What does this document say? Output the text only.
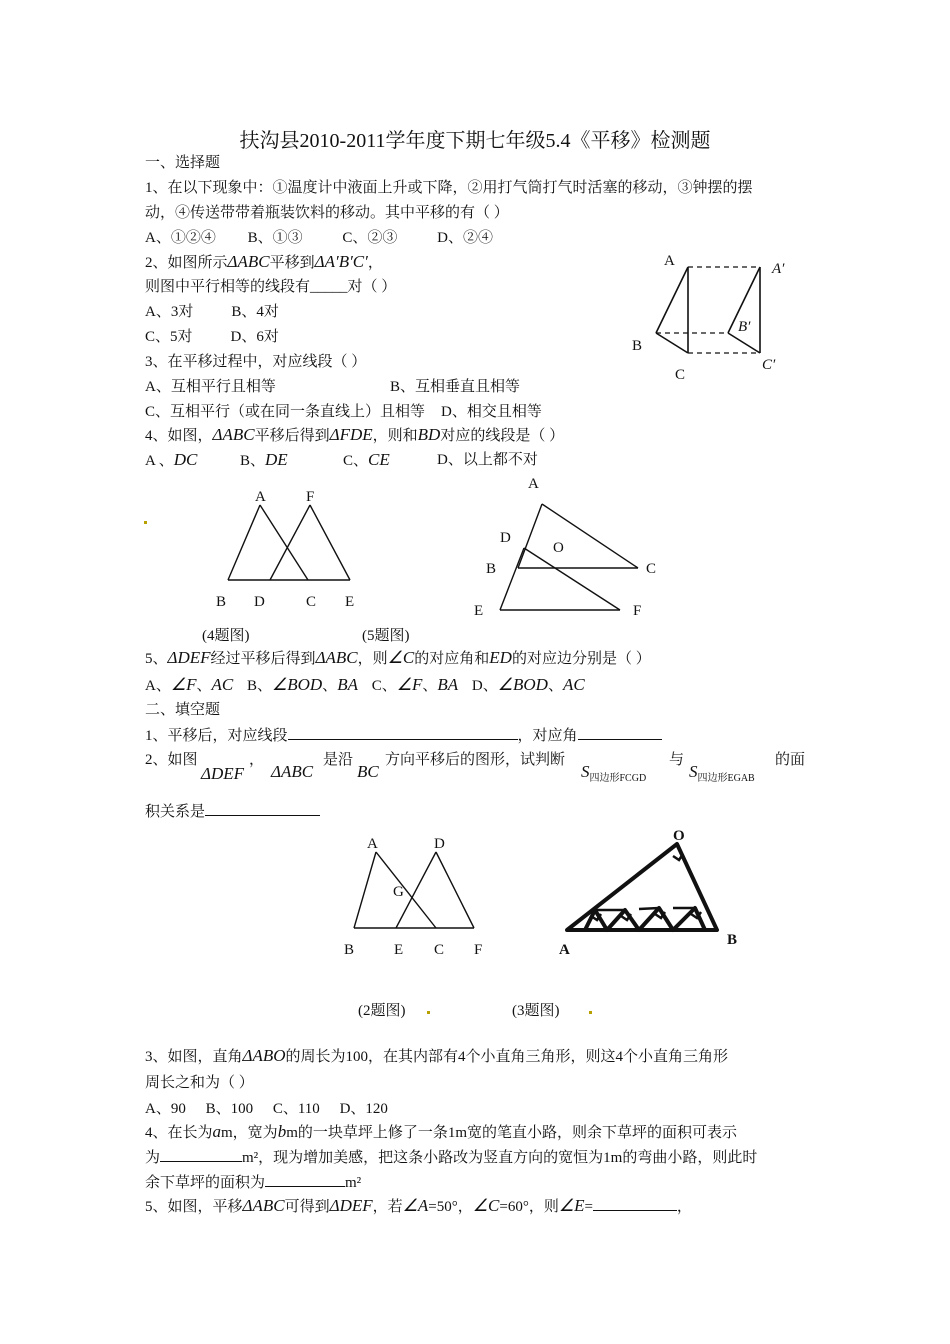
扶沟县2010-2011学年度下期七年级5.4《平移》检测题
一、选择题
1、在以下现象中：①温度计中液面上升或下降，②用打气筒打气时活塞的移动，③钟摆的摆
动，④传送带带着瓶装饮料的移动。其中平移的有（ ）
A、①②④ B、①③	C、②③	D、②④
2、如图所示ΔABC平移到ΔA′B′C′，
则图中平行相等的线段有_____对（ ）
A、3对	B、4对
C、5对	D、6对
A	A′
B
B′
C
C′
3、在平移过程中，对应线段（ ）
A、互相平行且相等	B、互相垂直且相等
C、互相平行（或在同一条直线上）且相等 D、相交且相等
4、如图，ΔABC平移后得到ΔFDE，则和BD对应的线段是（ ）
A 、DC	B、DE	C、CE	D、以上都不对
A	F
B D	C E
A
D
O
B	C
E	F
(4题图)	(5题图)
5、ΔDEF经过平移后得到ΔABC，则∠C的对应角和ED的对应边分别是（ ）
A、∠F、AC B、∠BOD、BA C、∠F、BA D、∠BOD、AC
二、填空题
1、平移后，对应线段	，对应角
2、如图
ΔDEF
，
ΔABC
是沿
BC
方向平移后的图形，试判断
$S_{四边形FCGD}$
与
$S_{四边形EGAB}$
的面
积关系是
A	D
G
B	E C F
O
A
B
(2题图)	(3题图)
3、如图，直角ΔABO的周长为100，在其内部有4个小直角三角形，则这4个小直角三角形
周长之和为（ ）
A、90 B、100 C、110 D、120
4、在长为am，宽为bm的一块草坪上修了一条1m宽的笔直小路，则余下草坪的面积可表示
为	m²，现为增加美感，把这条小路改为竖直方向的宽恒为1m的弯曲小路，则此时
余下草坪的面积为	m²
5、如图，平移ΔABC可得到ΔDEF，若∠A=50°，∠C=60°，则∠E=	，
